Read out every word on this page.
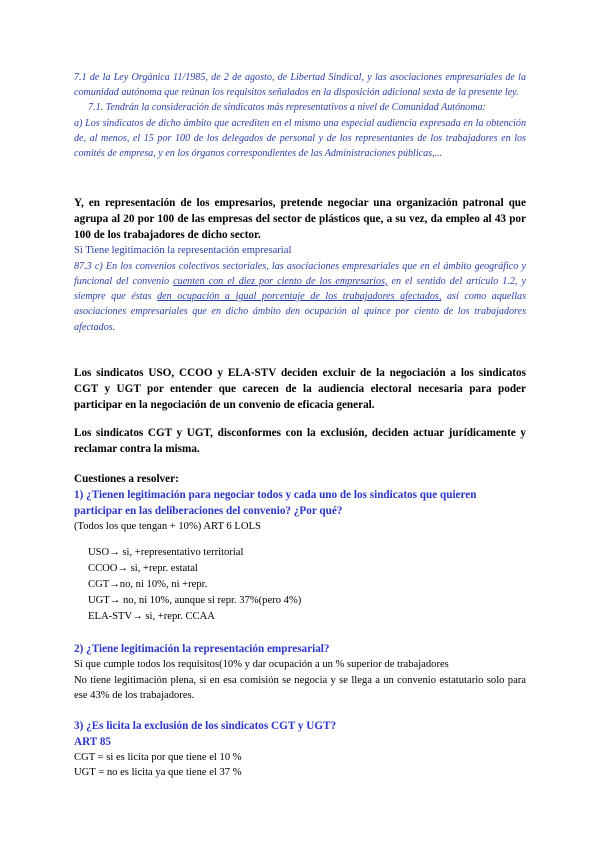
7.1 de la Ley Orgánica 11/1985, de 2 de agosto, de Libertad Sindical, y las asociaciones empresariales de la comunidad autónoma que reúnan los requisitos señalados en la disposición adicional sexta de la presente ley.

7.1. Tendrán la consideración de sindicatos más representativos a nivel de Comunidad Autónoma:

a) Los sindicatos de dicho ámbito que acrediten en el mismo una especial audiencia expresada en la obtención de, al menos, el 15 por 100 de los delegados de personal y de los representantes de los trabajadores en los comités de empresa, y en los órganos correspondientes de las Administraciones públicas,...

Y, en representación de los empresarios, pretende negociar una organización patronal que agrupa al 20 por 100 de las empresas del sector de plásticos que, a su vez, da empleo al 43 por 100 de los trabajadores de dicho sector.

Si Tiene legitimación la representación empresarial

87.3 c) En los convenios colectivos sectoriales, las asociaciones empresariales que en el ámbito geográfico y funcional del convenio cuenten con el diez por ciento de los empresarios, en el sentido del artículo 1.2, y siempre que éstas den ocupación a igual porcentaje de los trabajadores afectados, así como aquellas asociaciones empresariales que en dicho ámbito den ocupación al quince por ciento de los trabajadores afectados.

Los sindicatos USO, CCOO y ELA-STV deciden excluir de la negociación a los sindicatos CGT y UGT por entender que carecen de la audiencia electoral necesaria para poder participar en la negociación de un convenio de eficacia general.

Los sindicatos CGT y UGT, disconformes con la exclusión, deciden actuar jurídicamente y reclamar contra la misma.

Cuestiones a resolver:

1) ¿Tienen legitimación para negociar todos y cada uno de los sindicatos que quieren participar en las deliberaciones del convenio? ¿Por qué?

(Todos los que tengan + 10%) ART 6 LOLS

USO→ si, +representativo territorial

CCOO→ si, +repr. estatal

CGT→no, ni 10%, ni +repr.

UGT→ no, ni 10%, aunque si repr. 37%(pero 4%)

ELA-STV→ si, +repr. CCAA

2) ¿Tiene legitimación la representación empresarial?

Si que cumple todos los requisitos(10% y dar ocupación a un % superior de trabajadores

No tiene legitimación plena, si en esa comisión se negocia y se llega a un convenio estatutario solo para ese 43% de los trabajadores.

3) ¿Es licita la exclusión de los sindicatos CGT y UGT?

ART 85

CGT = si es licita por que tiene el 10 %

UGT = no es licita ya que tiene el 37 %
